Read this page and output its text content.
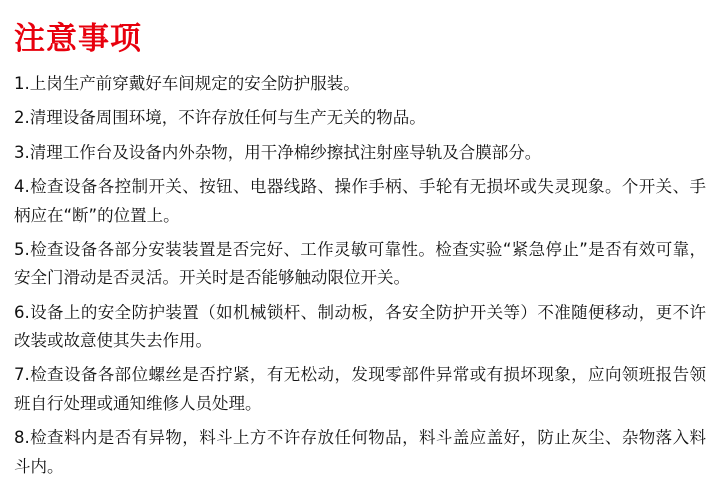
注意事项

1.上岗生产前穿戴好车间规定的安全防护服装。

2.清理设备周围环境，不许存放任何与生产无关的物品。

3.清理工作台及设备内外杂物，用干净棉纱擦拭注射座导轨及合膜部分。

4.检查设备各控制开关、按钮、电器线路、操作手柄、手轮有无损坏或失灵现象。个开关、手柄应在“断”的位置上。

5.检查设备各部分安装装置是否完好、工作灵敏可靠性。检查实验“紧急停止”是否有效可靠，安全门滑动是否灵活。开关时是否能够触动限位开关。

6.设备上的安全防护装置（如机械锁杆、制动板，各安全防护开关等）不准随便移动，更不许改装或故意使其失去作用。

7.检查设备各部位螺丝是否拧紧，有无松动，发现零部件异常或有损坏现象，应向领班报告领班自行处理或通知维修人员处理。

8.检查料内是否有异物，料斗上方不许存放任何物品，料斗盖应盖好，防止灰尘、杂物落入料斗内。
